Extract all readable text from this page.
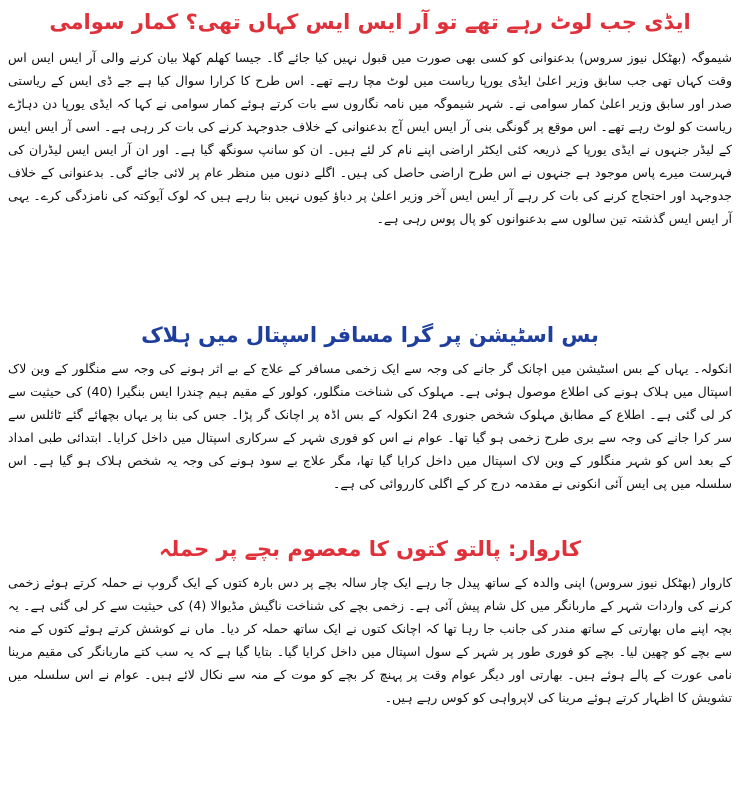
ایڈی جب لوٹ رہے تھے تو آر ایس ایس کہاں تھی؟ کمار سوامی

شیموگہ (بھٹکل نیوز سروس) بدعنوانی کو کسی بھی صورت میں قبول نہیں کیا جائے گا۔ جیسا کھلم کھلا بیان کرنے والی آر ایس ایس اس وقت کہاں تھی جب سابق وزیر اعلیٰ ایڈی یورپا ریاست میں لوٹ مچا رہے تھے۔ اس طرح کا کرارا سوال کیا ہے جے ڈی ایس کے ریاستی صدر اور سابق وزیر اعلیٰ کمار سوامی نے۔ شہر شیموگہ میں نامہ نگاروں سے بات کرتے ہوئے کمار سوامی نے کہا کہ ایڈی یورپا دن دہاڑے ریاست کو لوٹ رہے تھے۔ اس موقع پر گونگی بنی آر ایس ایس آج بدعنوانی کے خلاف جدوجہد کرنے کی بات کر رہی ہے۔ اسی آر ایس ایس کے لیڈر جنہوں نے ایڈی یورپا کے ذریعہ کئی ایکٹر اراضی اپنے نام کر لئے ہیں۔ ان کو سانپ سونگھ گیا ہے۔ اور ان آر ایس ایس لیڈران کی فہرست میرے پاس موجود ہے جنہوں نے اس طرح اراضی حاصل کی ہیں۔ اگلے دنوں میں منظر عام پر لائی جائے گی۔ بدعنوانی کے خلاف جدوجہد اور احتجاج کرنے کی بات کر رہے آر ایس ایس آخر وزیر اعلیٰ پر دباؤ کیوں نہیں بنا رہے ہیں کہ لوک آیوکتہ کی نامزدگی کرے۔ یہی آر ایس ایس گذشتہ تین سالوں سے بدعنوانوں کو پال پوس رہی ہے۔

بس اسٹیشن پر گرا مسافر اسپتال میں ہلاک

انکولہ۔ یہاں کے بس اسٹیشن میں اچانک گر جانے کی وجہ سے ایک زخمی مسافر کے علاج کے بے اثر ہونے کی وجہ سے منگلور کے وین لاک اسپتال میں ہلاک ہونے کی اطلاع موصول ہوئی ہے۔ مہلوک کی شناخت منگلور، کولور کے مقیم ہیم چندرا ایس بنگیرا (40) کی حیثیت سے کر لی گئی ہے۔ اطلاع کے مطابق مہلوک شخص جنوری 24 انکولہ کے بس اڈہ پر اچانک گر پڑا۔ جس کی بنا پر یہاں بچھائے گئے ٹائلس سے سر کرا جانے کی وجہ سے بری طرح زخمی ہو گیا تھا۔ عوام نے اس کو فوری شہر کے سرکاری اسپتال میں داخل کرایا۔ ابتدائی طبی امداد کے بعد اس کو شہر منگلور کے وین لاک اسپتال میں داخل کرایا گیا تھا، مگر علاج بے سود ہونے کی وجہ یہ شخص ہلاک ہو گیا ہے۔ اس سلسلہ میں پی ایس آئی انکونی نے مقدمہ درج کر کے اگلی کارروائی کی ہے۔

کاروار: پالتو کتوں کا معصوم بچے پر حملہ

کاروار (بھٹکل نیوز سروس) اپنی والدہ کے ساتھ پیدل جا رہے ایک چار سالہ بچے پر دس بارہ کتوں کے ایک گروپ نے حملہ کرتے ہوئے زخمی کرنے کی واردات شہر کے ماربانگر میں کل شام پیش آئی ہے۔ زخمی بچے کی شناخت ناگیش مڈیوالا (4) کی حیثیت سے کر لی گئی ہے۔ یہ بچہ اپنے ماں بھارتی کے ساتھ مندر کی جانب جا رہا تھا کہ اچانک کتوں نے ایک ساتھ حملہ کر دیا۔ ماں نے کوشش کرتے ہوئے کتوں کے منہ سے بچے کو چھین لیا۔ بچے کو فوری طور پر شہر کے سول اسپتال میں داخل کرایا گیا۔ بتایا گیا ہے کہ یہ سب کتے ماربانگر کی مقیم مرینا نامی عورت کے پالے ہوئے ہیں۔ بھارتی اور دیگر عوام وقت پر پہنچ کر بچے کو موت کے منہ سے نکال لائے ہیں۔ عوام نے اس سلسلہ میں تشویش کا اظہار کرتے ہوئے مرینا کی لاپرواہی کو کوس رہے ہیں۔
